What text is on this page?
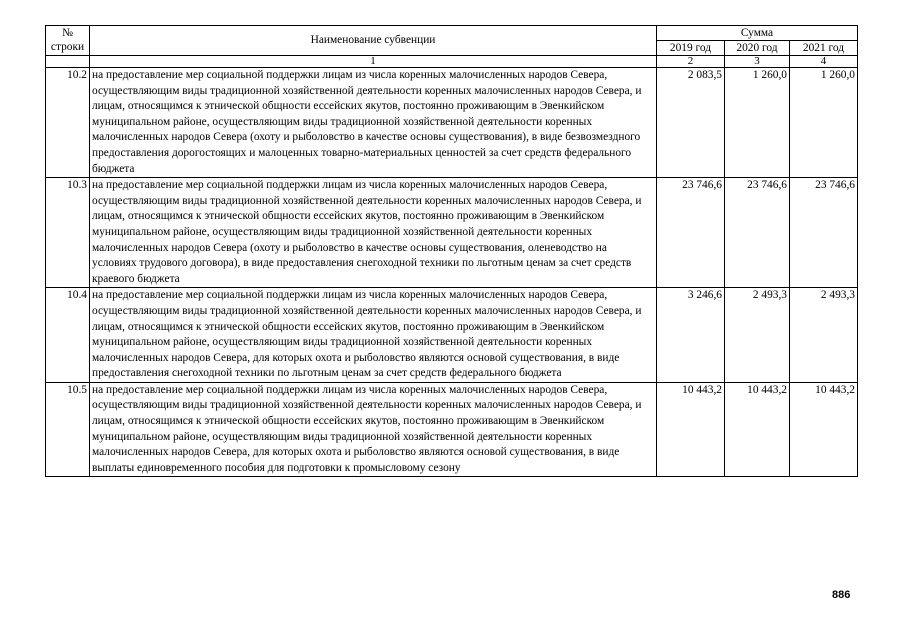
№
строки	Наименование субвенции	Сумма		
		2019 год	2020 год	2021 год
	1	2	3	4
10.2	на предоставление мер социальной поддержки лицам из числа коренных малочисленных народов Севера, осуществляющим виды традиционной хозяйственной деятельности коренных малочисленных народов Севера, и лицам, относящимся к этнической общности ессейских якутов, постоянно проживающим в Эвенкийском муниципальном районе, осуществляющим виды традиционной хозяйственной деятельности коренных малочисленных народов Севера (охоту и рыболовство в качестве основы существования), в виде безвозмездного предоставления дорогостоящих и малоценных товарно-материальных ценностей за счет средств федерального бюджета	2 083,5	1 260,0	1 260,0
10.3	на предоставление мер социальной поддержки лицам из числа коренных малочисленных народов Севера, осуществляющим виды традиционной хозяйственной деятельности коренных малочисленных народов Севера, и лицам, относящимся к этнической общности ессейских якутов, постоянно проживающим в Эвенкийском муниципальном районе, осуществляющим виды традиционной хозяйственной деятельности коренных малочисленных народов Севера (охоту и рыболовство в качестве основы существования, оленеводство на условиях трудового договора), в виде предоставления снегоходной техники по льготным ценам за счет средств краевого бюджета	23 746,6	23 746,6	23 746,6
10.4	на предоставление мер социальной поддержки лицам из числа коренных малочисленных народов Севера, осуществляющим виды традиционной хозяйственной деятельности коренных малочисленных народов Севера, и лицам, относящимся к этнической общности ессейских якутов, постоянно проживающим в Эвенкийском муниципальном районе, осуществляющим виды традиционной хозяйственной деятельности коренных малочисленных народов Севера, для которых охота и рыболовство являются основой существования, в виде предоставления снегоходной техники по льготным ценам за счет средств федерального бюджета	3 246,6	2 493,3	2 493,3
10.5	на предоставление мер социальной поддержки лицам из числа коренных малочисленных народов Севера, осуществляющим виды традиционной хозяйственной деятельности коренных малочисленных народов Севера, и лицам, относящимся к этнической общности ессейских якутов, постоянно проживающим в Эвенкийском муниципальном районе, осуществляющим виды традиционной хозяйственной деятельности коренных малочисленных народов Севера, для которых охота и рыболовство являются основой существования, в виде выплаты единовременного пособия для подготовки к промысловому сезону	10 443,2	10 443,2	10 443,2
886
